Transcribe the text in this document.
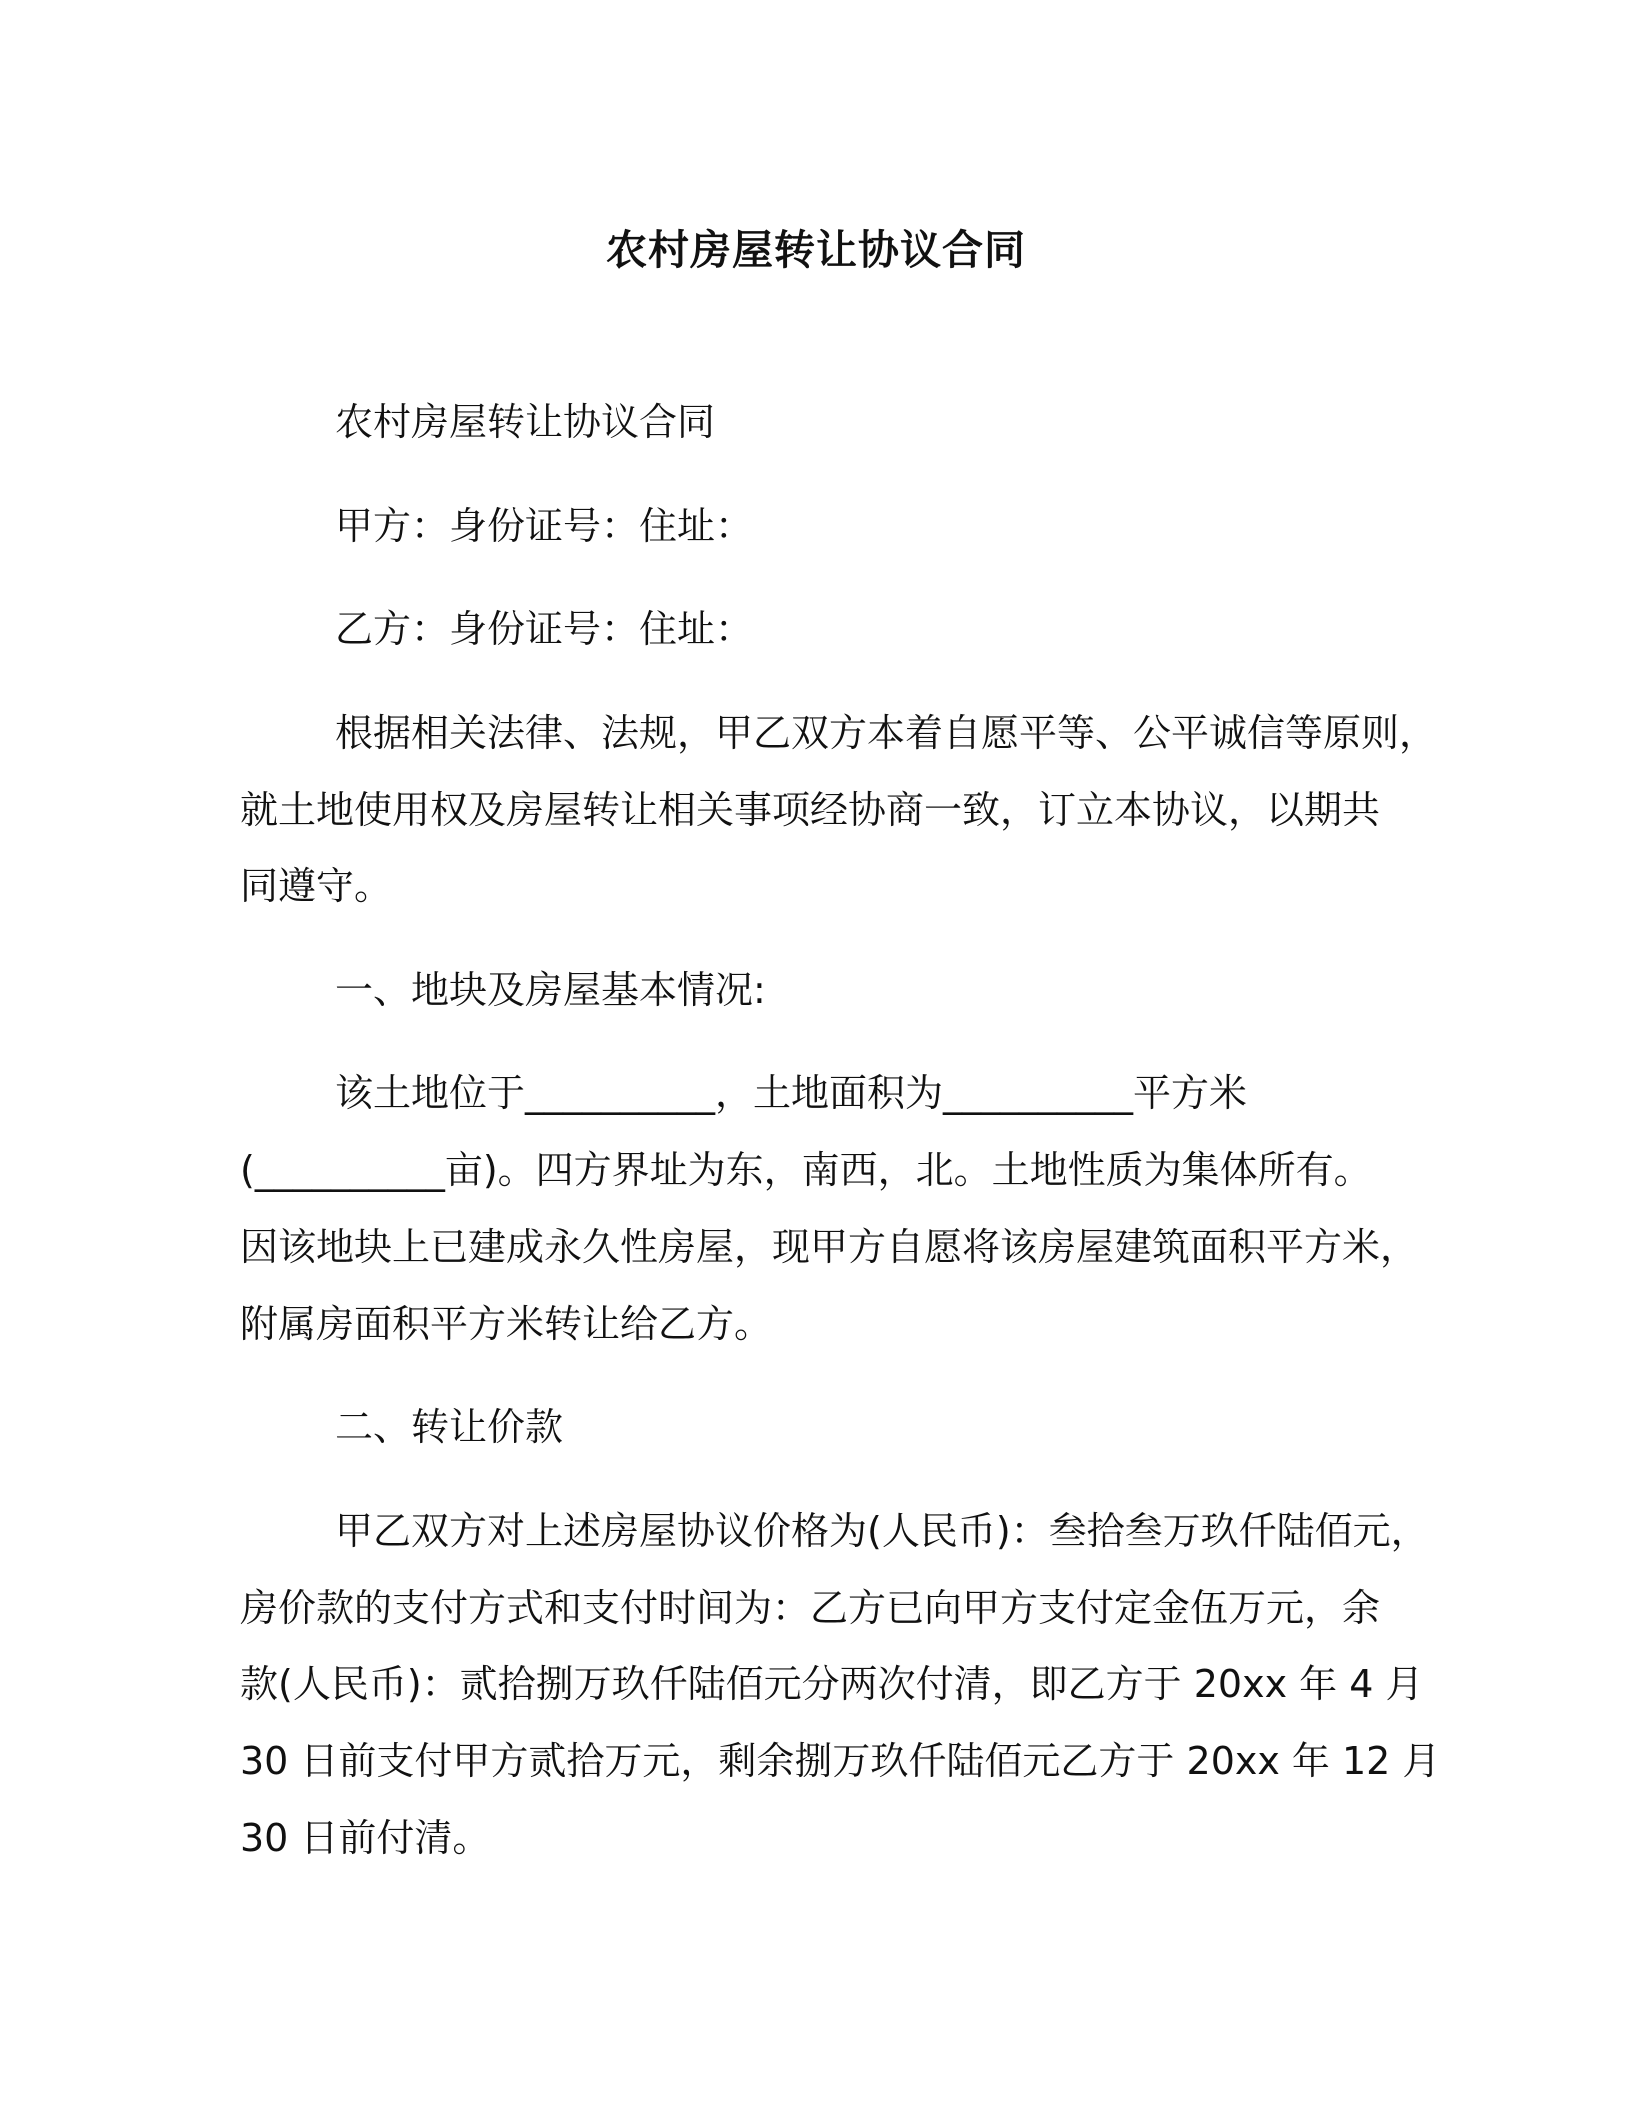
农村房屋转让协议合同

农村房屋转让协议合同

甲方：身份证号：住址：

乙方：身份证号：住址：

根据相关法律、法规，甲乙双方本着自愿平等、公平诚信等原则，

就土地使用权及房屋转让相关事项经协商一致，订立本协议，以期共

同遵守。

一、地块及房屋基本情况:

该土地位于__________，土地面积为__________平方米

(__________亩)。四方界址为东，南西，北。土地性质为集体所有。

因该地块上已建成永久性房屋，现甲方自愿将该房屋建筑面积平方米，

附属房面积平方米转让给乙方。

二、转让价款

甲乙双方对上述房屋协议价格为(人民币)：叁拾叁万玖仟陆佰元，

房价款的支付方式和支付时间为：乙方已向甲方支付定金伍万元，余

款(人民币)：贰拾捌万玖仟陆佰元分两次付清，即乙方于 20xx 年 4 月

30 日前支付甲方贰拾万元，剩余捌万玖仟陆佰元乙方于 20xx 年 12 月

30 日前付清。
